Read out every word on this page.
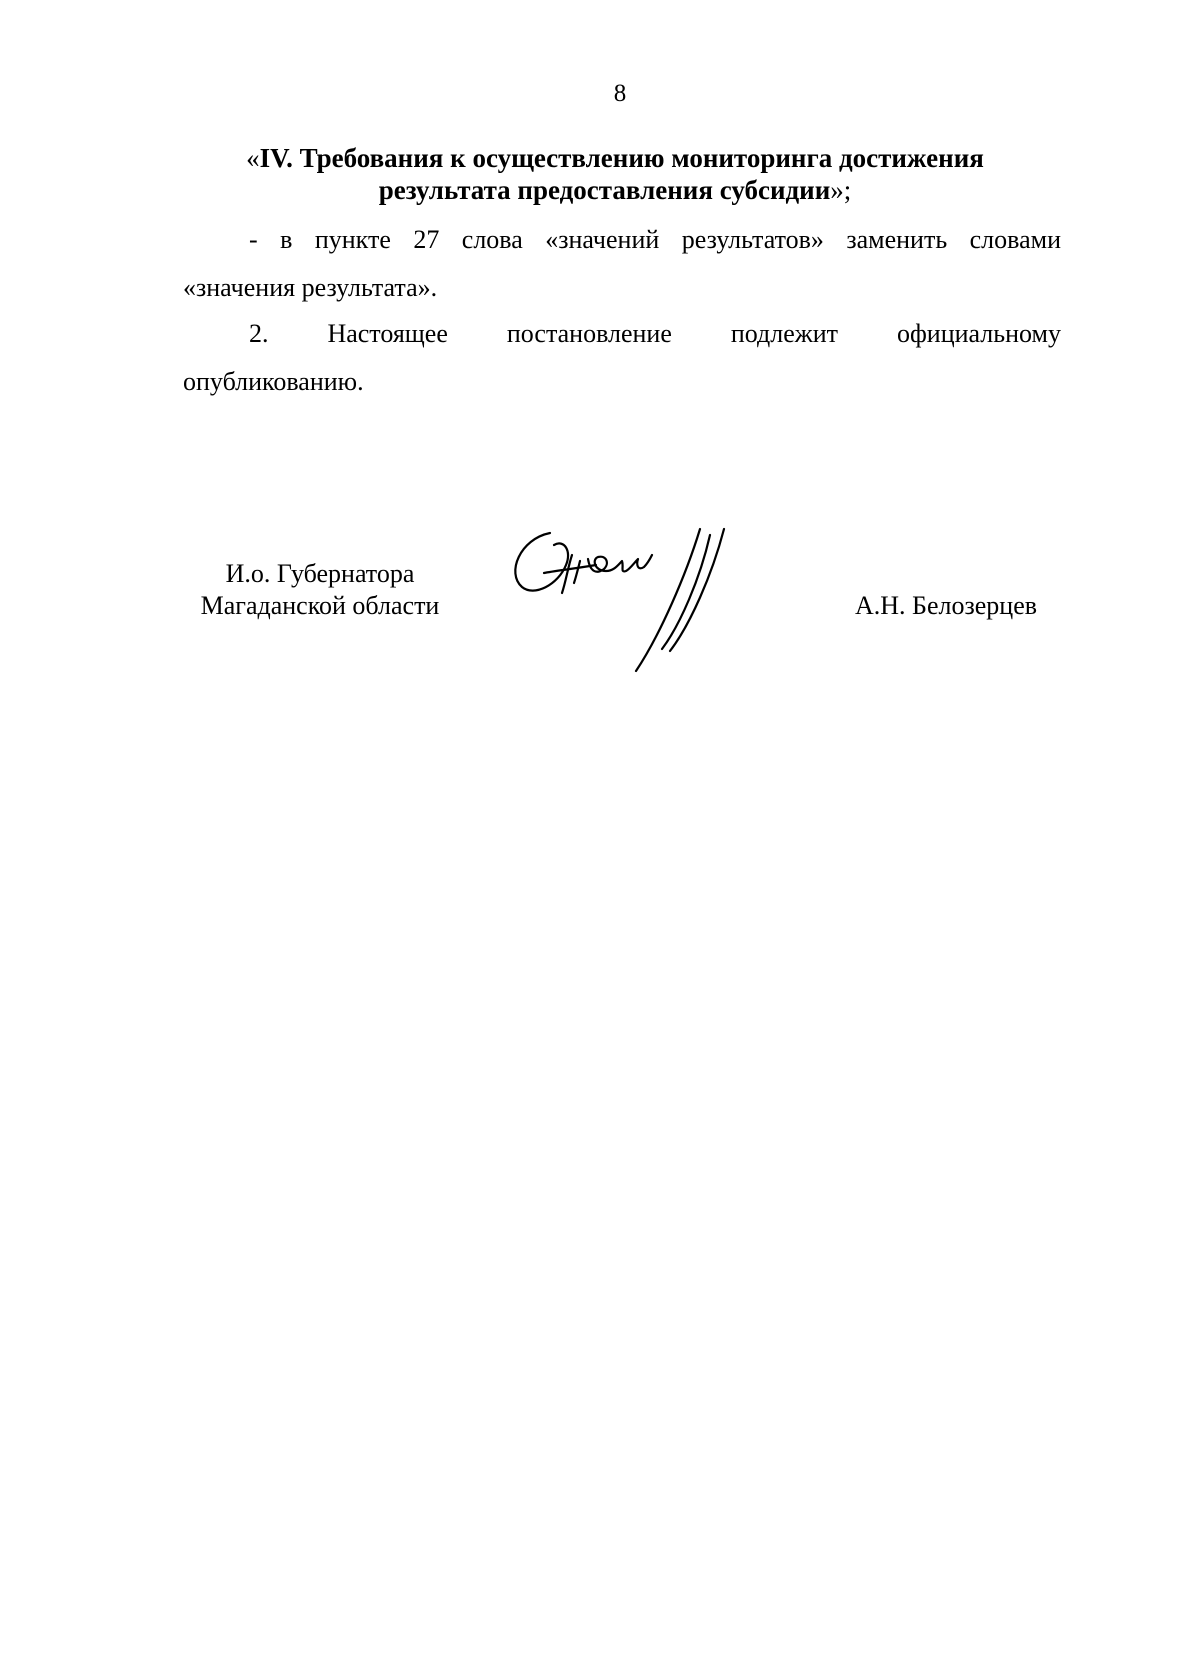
8
«IV. Требования к осуществлению мониторинга достижения
результата предоставления субсидии»;
- в пункте 27 слова «значений результатов» заменить словами
«значения результата».
2. Настоящее постановление подлежит официальному
опубликованию.
И.о. Губернатора
Магаданской области	А.Н. Белозерцев
